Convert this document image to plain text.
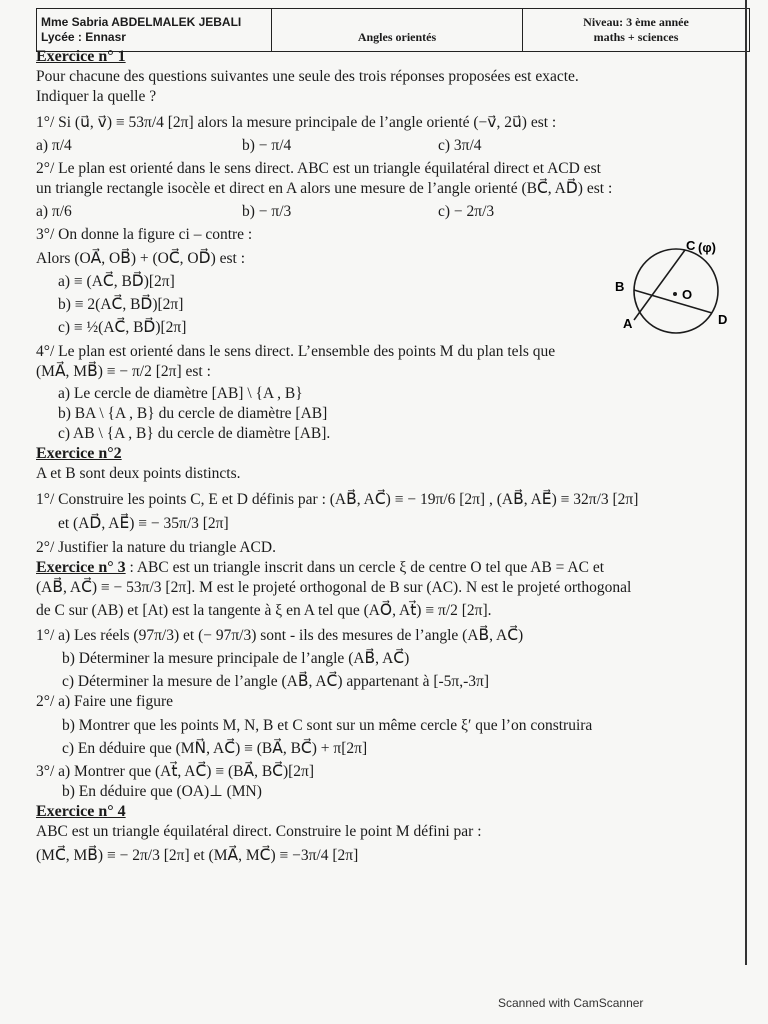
Mme Sabria ABDELMALEK JEBALI
Lycée : Ennasr	Angles orientés
Niveau: 3 ème année
maths + sciences
Exercice n° 1
Pour chacune des questions suivantes une seule des trois réponses proposées est exacte.
Indiquer la quelle ?
1°/ Si (u⃗, v⃗) ≡ 53π/4 [2π] alors la mesure principale de l’angle orienté (−v⃗, 2u⃗) est :
a) π/4	b) − π/4	c) 3π/4
2°/ Le plan est orienté dans le sens direct. ABC est un triangle équilatéral direct et ACD est
un triangle rectangle isocèle et direct en A alors une mesure de l’angle orienté (BC⃗, AD⃗) est :
a) π/6	b) − π/3	c) − 2π/3
3°/ On donne la figure ci – contre :
Alors (OA⃗, OB⃗) + (OC⃗, OD⃗) est :
a) ≡ (AC⃗, BD⃗)[2π]
b) ≡ 2(AC⃗, BD⃗)[2π]
c) ≡ ½(AC⃗, BD⃗)[2π]
4°/ Le plan est orienté dans le sens direct. L’ensemble des points M du plan tels que
(MA⃗, MB⃗) ≡ − π/2 [2π] est :
a) Le cercle de diamètre [AB] \ {A , B}
b) BA \ {A , B} du cercle de diamètre [AB]
c) AB \ {A , B} du cercle de diamètre [AB].
Exercice n°2
A et B sont deux points distincts.
1°/ Construire les points C, E et D définis par : (AB⃗, AC⃗) ≡ − 19π/6 [2π] , (AB⃗, AE⃗) ≡ 32π/3 [2π]
et (AD⃗, AE⃗) ≡ − 35π/3 [2π]
2°/ Justifier la nature du triangle ACD.
Exercice n° 3 : ABC est un triangle inscrit dans un cercle ξ de centre O tel que AB = AC et
(AB⃗, AC⃗) ≡ − 53π/3 [2π]. M est le projeté orthogonal de B sur (AC). N est le projeté orthogonal
de C sur (AB) et [At) est la tangente à ξ en A tel que (AO⃗, At⃗) ≡ π/2 [2π].
1°/ a) Les réels (97π/3) et (− 97π/3) sont - ils des mesures de l’angle (AB⃗, AC⃗)
b) Déterminer la mesure principale de l’angle (AB⃗, AC⃗)
c) Déterminer la mesure de l’angle (AB⃗, AC⃗) appartenant à [-5π,-3π]
2°/ a) Faire une figure
b) Montrer que les points M, N, B et C sont sur un même cercle ξ′ que l’on construira
c) En déduire que (MN⃗, AC⃗) ≡ (BA⃗, BC⃗) + π[2π]
3°/ a) Montrer que (At⃗, AC⃗) ≡ (BA⃗, BC⃗)[2π]
b) En déduire que (OA)⊥ (MN)
Exercice n° 4
ABC est un triangle équilatéral direct. Construire le point M défini par :
(MC⃗, MB⃗) ≡ − 2π/3 [2π] et (MA⃗, MC⃗) ≡ −3π/4 [2π]
C (φ)
B
O
A	D
Scanned with CamScanner
